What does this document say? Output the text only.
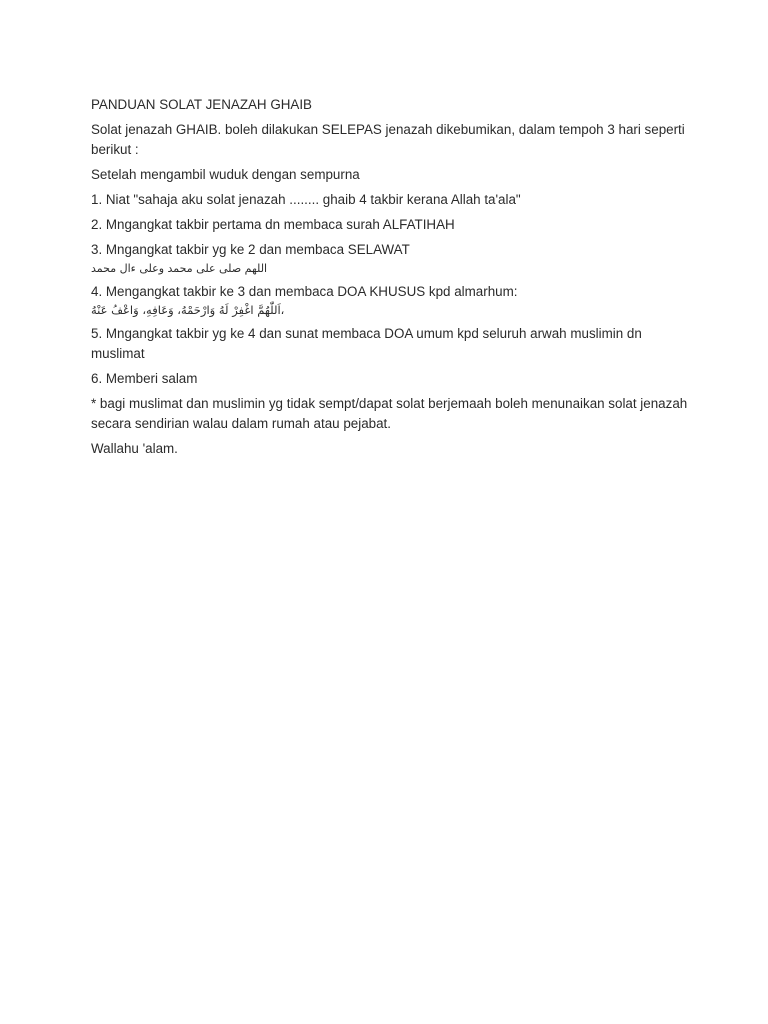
PANDUAN SOLAT JENAZAH GHAIB

Solat jenazah GHAIB. boleh dilakukan SELEPAS jenazah dikebumikan, dalam tempoh 3 hari seperti berikut :

Setelah mengambil wuduk dengan sempurna

1. Niat "sahaja aku solat jenazah ........ ghaib 4 takbir kerana Allah ta'ala"

2. Mngangkat takbir pertama dn membaca surah ALFATIHAH

3. Mngangkat takbir yg ke 2 dan membaca SELAWAT
اللهم صلى على محمد وعلى ءال محمد
4. Mengangkat takbir ke 3 dan membaca DOA KHUSUS kpd almarhum:
،اَللّٰهُمَّ اغْفِرْ لَهُ وَارْحَمْهُ، وَعَافِهِ، وَاعْفُ عَنْهُ

5. Mngangkat takbir yg ke 4 dan sunat membaca DOA umum kpd seluruh arwah muslimin dn muslimat

6. Memberi salam

* bagi muslimat dan muslimin yg tidak sempt/dapat solat berjemaah boleh menunaikan solat jenazah secara sendirian walau dalam rumah atau pejabat.

Wallahu 'alam.
